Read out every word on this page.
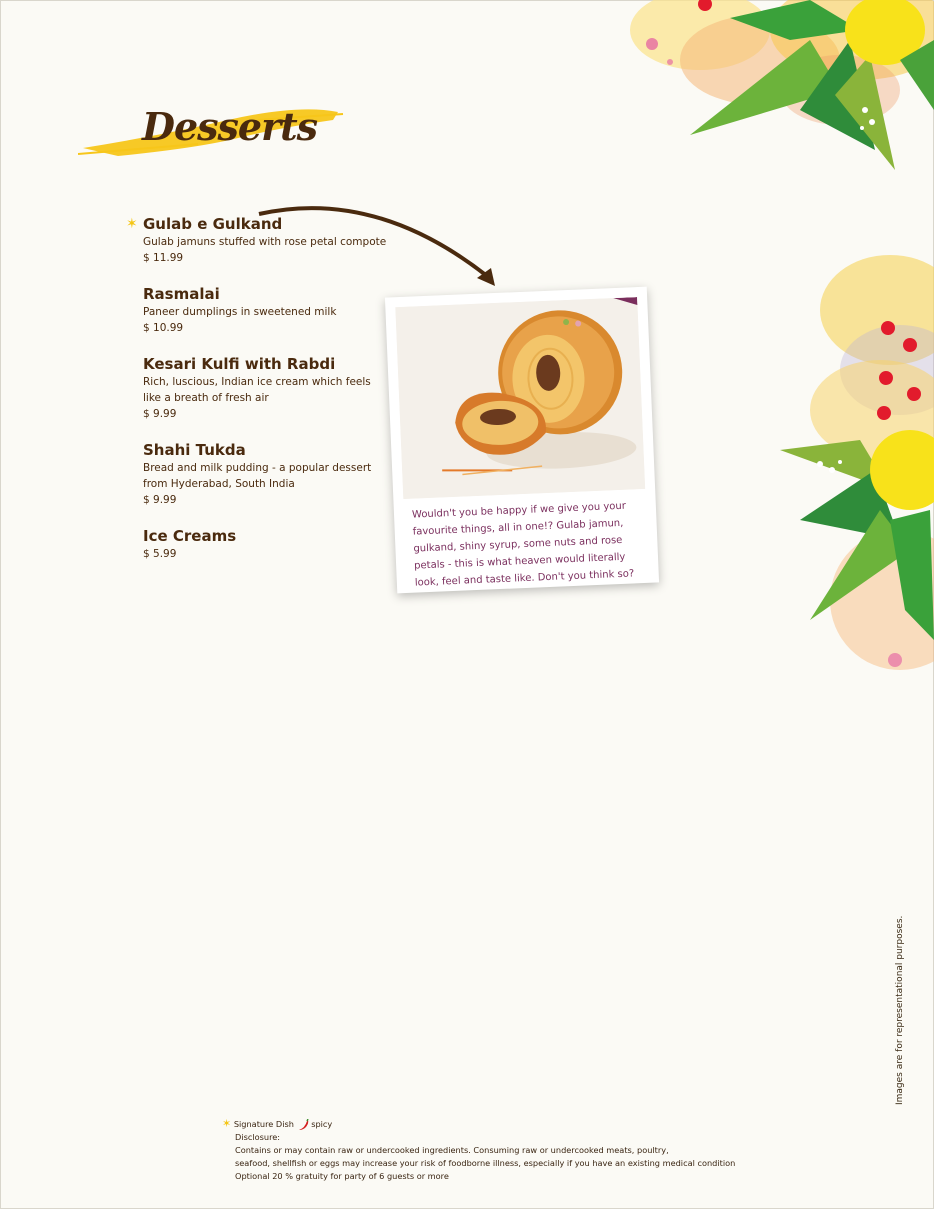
Desserts

✶ Gulab e Gulkand

Gulab jamuns stuffed with rose petal compote

$ 11.99

Rasmalai

Paneer dumplings in sweetened milk

$ 10.99

Kesari Kulfi with Rabdi

Rich, luscious, Indian ice cream which feels like a breath of fresh air

$ 9.99

Shahi Tukda

Bread and milk pudding - a popular dessert from Hyderabad, South India

$ 9.99

Ice Creams

$ 5.99

Wouldn't you be happy if we give you your favourite things, all in one!? Gulab jamun, gulkand, shiny syrup, some nuts and rose petals - this is what heaven would literally look, feel and taste like. Don't you think so?

Images are for representational purposes.

✶ Signature Dish spicy

Disclosure:

Contains or may contain raw or undercooked ingredients. Consuming raw or undercooked meats, poultry,

seafood, shellfish or eggs may increase your risk of foodborne illness, especially if you have an existing medical condition

Optional 20 % gratuity for party of 6 guests or more
